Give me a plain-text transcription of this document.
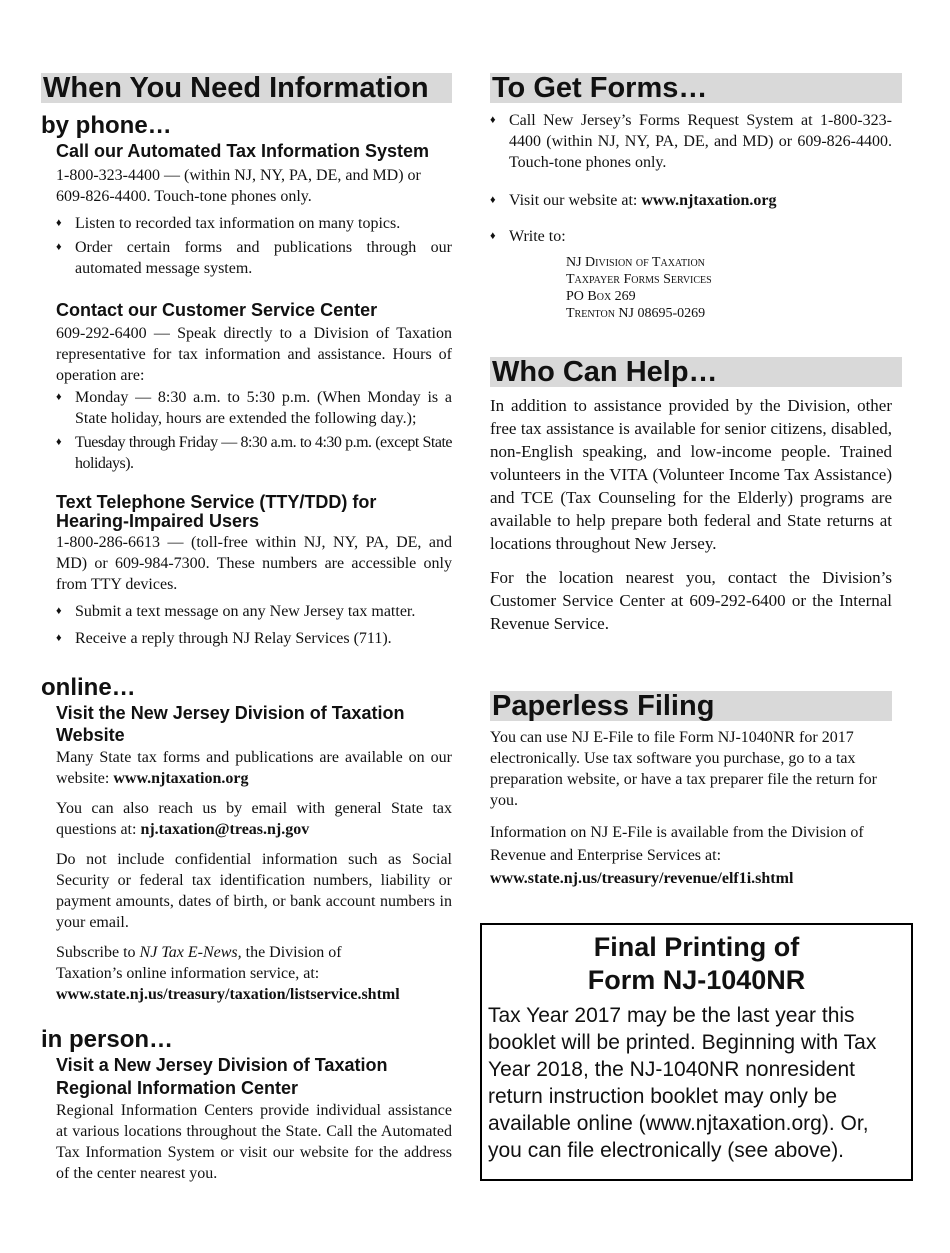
When You Need Information
by phone…
Call our Automated Tax Information System
1-800-323-4400 — (within NJ, NY, PA, DE, and MD) or 609-826-4400. Touch-tone phones only.
♦ Listen to recorded tax information on many topics.
♦ Order certain forms and publications through our automated message system.
Contact our Customer Service Center
609-292-6400 — Speak directly to a Division of Taxation representative for tax information and assistance. Hours of operation are:
♦ Monday — 8:30 a.m. to 5:30 p.m. (When Monday is a State holiday, hours are extended the following day.);
♦ Tuesday through Friday — 8:30 a.m. to 4:30 p.m. (except State holidays).
Text Telephone Service (TTY/TDD) for Hearing-Impaired Users
1-800-286-6613 — (toll-free within NJ, NY, PA, DE, and MD) or 609-984-7300. These numbers are accessible only from TTY devices.
♦ Submit a text message on any New Jersey tax matter.
♦ Receive a reply through NJ Relay Services (711).
online…
Visit the New Jersey Division of Taxation Website
Many State tax forms and publications are available on our website: www.njtaxation.org
You can also reach us by email with general State tax questions at: nj.taxation@treas.nj.gov
Do not include confidential information such as Social Security or federal tax identification numbers, liability or payment amounts, dates of birth, or bank account numbers in your email.
Subscribe to NJ Tax E-News, the Division of Taxation’s online information service, at:
www.state.nj.us/treasury/taxation/listservice.shtml
in person…
Visit a New Jersey Division of Taxation Regional Information Center
Regional Information Centers provide individual assistance at various locations throughout the State. Call the Automated Tax Information System or visit our website for the address of the center nearest you.
To Get Forms…
♦ Call New Jersey’s Forms Request System at 1-800-323-4400 (within NJ, NY, PA, DE, and MD) or 609-826-4400. Touch-tone phones only.
♦ Visit our website at: www.njtaxation.org
♦ Write to:
NJ Division of Taxation
Taxpayer Forms Services
PO Box 269
Trenton NJ 08695-0269
Who Can Help…
In addition to assistance provided by the Division, other free tax assistance is available for senior citizens, disabled, non-English speaking, and low-income people. Trained volunteers in the VITA (Volunteer Income Tax Assistance) and TCE (Tax Counseling for the Elderly) programs are available to help prepare both federal and State returns at locations throughout New Jersey.
For the location nearest you, contact the Division’s Customer Service Center at 609-292-6400 or the Internal Revenue Service.
Paperless Filing
You can use NJ E-File to file Form NJ-1040NR for 2017 electronically. Use tax software you purchase, go to a tax preparation website, or have a tax preparer file the return for you.
Information on NJ E-File is available from the Division of Revenue and Enterprise Services at: www.state.nj.us/treasury/revenue/elf1i.shtml
Final Printing of
Form NJ-1040NR
Tax Year 2017 may be the last year this booklet will be printed. Beginning with Tax Year 2018, the NJ-1040NR nonresident return instruction booklet may only be available online (www.njtaxation.org). Or, you can file electronically (see above).
